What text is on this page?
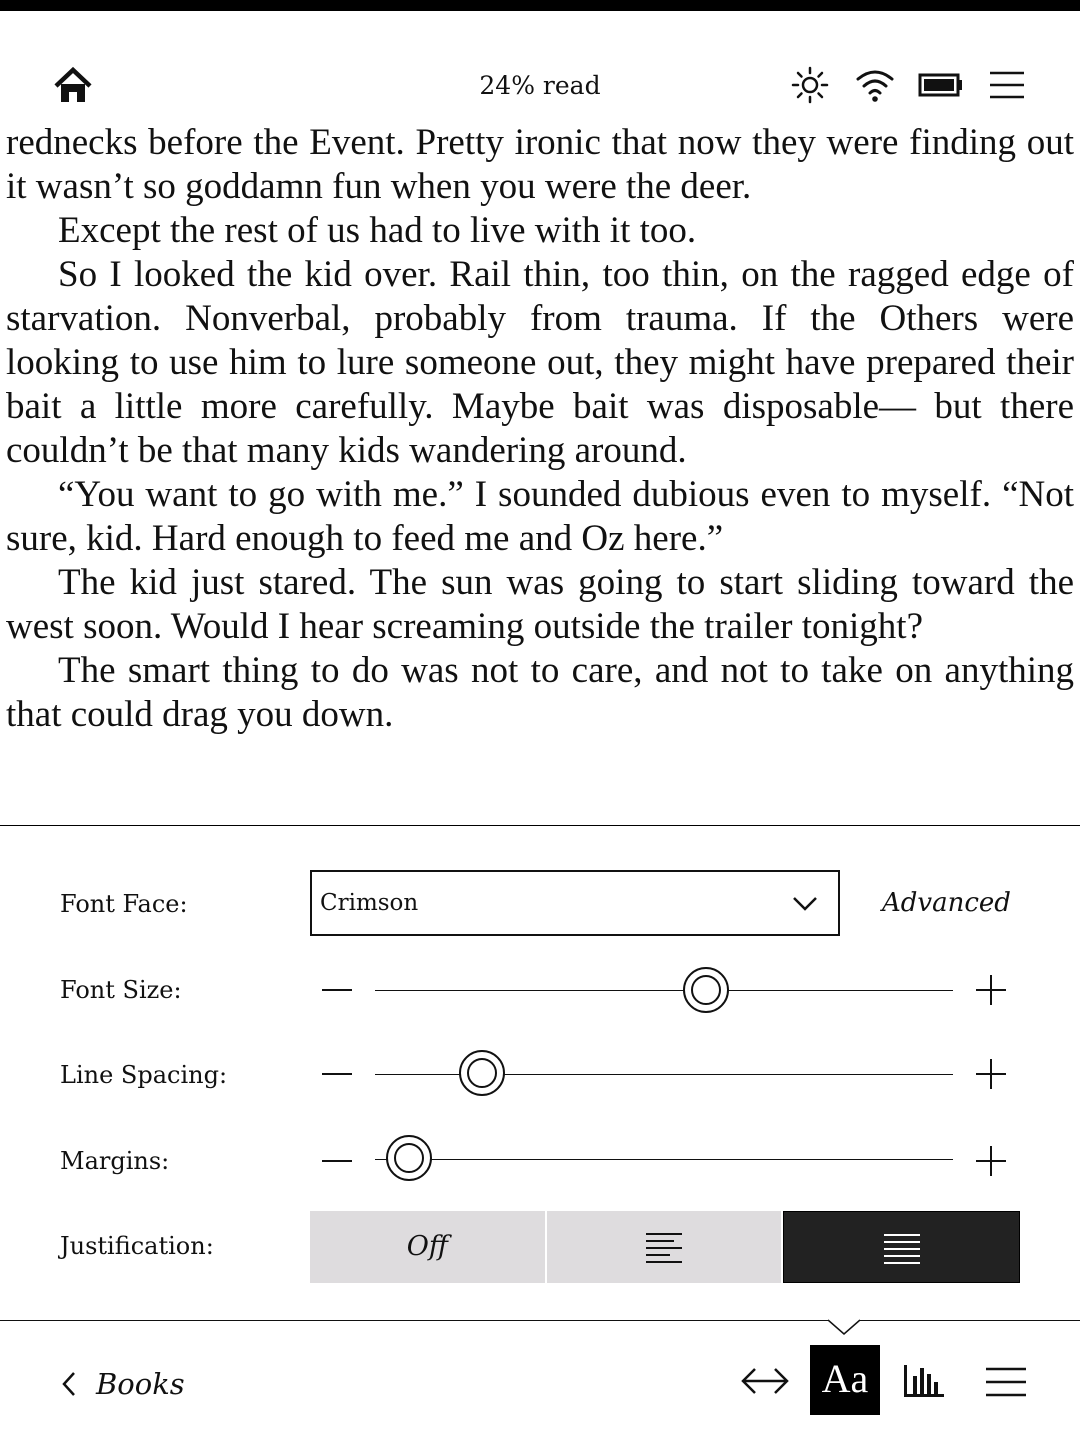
24% read

rednecks before the Event. Pretty ironic that now they were finding out it wasn’t so goddamn fun when you were the deer.

Except the rest of us had to live with it too.

So I looked the kid over. Rail thin, too thin, on the ragged edge of starvation. Nonverbal, probably from trauma. If the Others were looking to use him to lure someone out, they might have prepared their bait a little more carefully. Maybe bait was disposable— but there couldn’t be that many kids wandering around.

“You want to go with me.” I sounded dubious even to myself. “Not sure, kid. Hard enough to feed me and Oz here.”

The kid just stared. The sun was going to start sliding toward the west soon. Would I hear screaming outside the trailer tonight?

The smart thing to do was not to care, and not to take on anything that could drag you down.

Font Face:	Crimson	Advanced
Font Size:
Line Spacing:
Margins:
Justification:	Off
Books	Aa
